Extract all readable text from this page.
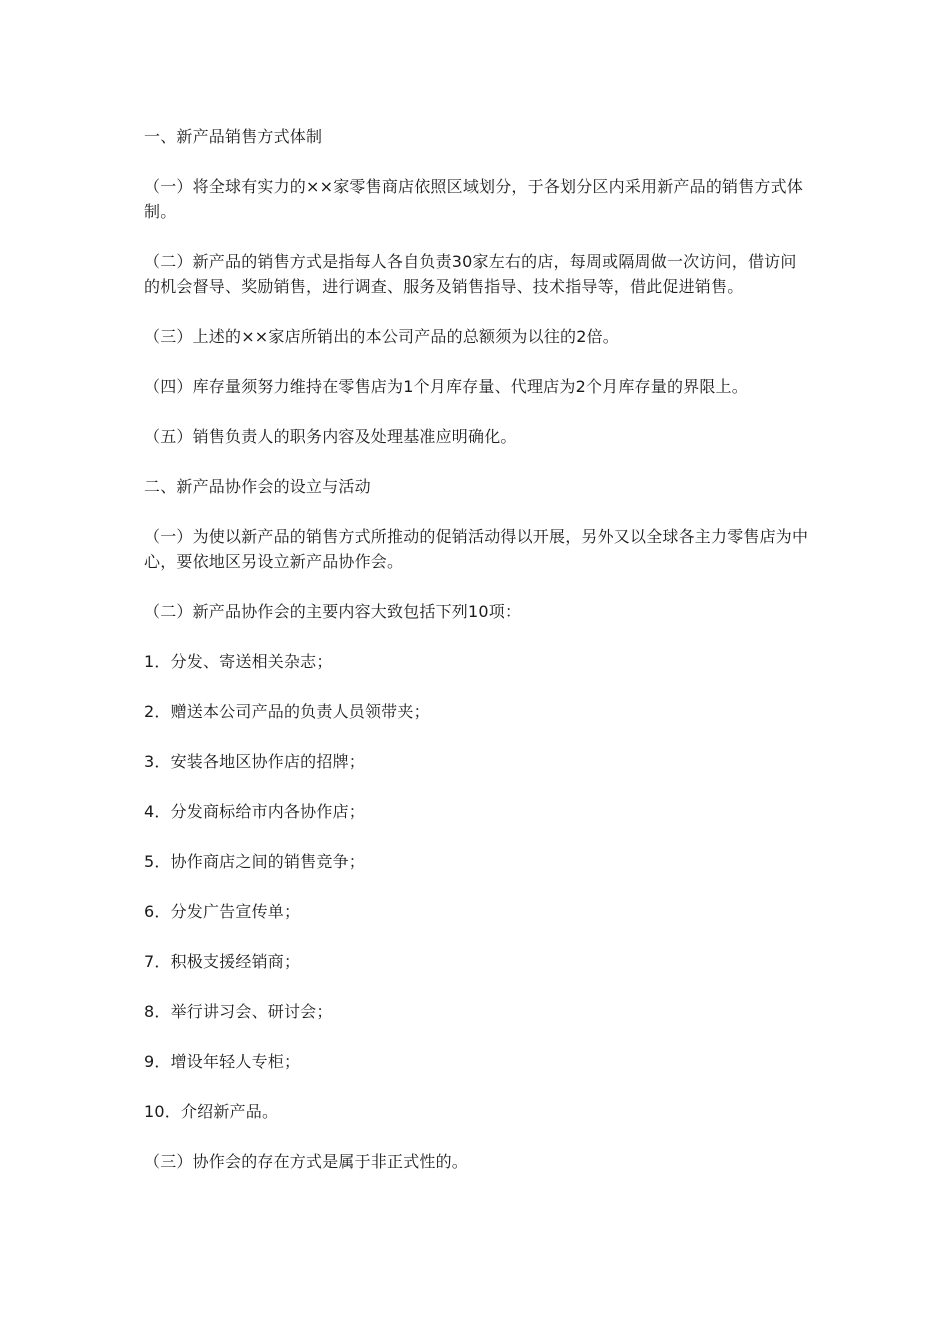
一、新产品销售方式体制

（一）将全球有实力的××家零售商店依照区域划分，于各划分区内采用新产品的销售方式体制。

（二）新产品的销售方式是指每人各自负责30家左右的店，每周或隔周做一次访问，借访问的机会督导、奖励销售，进行调查、服务及销售指导、技术指导等，借此促进销售。

（三）上述的××家店所销出的本公司产品的总额须为以往的2倍。

（四）库存量须努力维持在零售店为1个月库存量、代理店为2个月库存量的界限上。

（五）销售负责人的职务内容及处理基准应明确化。

二、新产品协作会的设立与活动

（一）为使以新产品的销售方式所推动的促销活动得以开展，另外又以全球各主力零售店为中心，要依地区另设立新产品协作会。

（二）新产品协作会的主要内容大致包括下列10项：

1．分发、寄送相关杂志；

2．赠送本公司产品的负责人员领带夹；

3．安装各地区协作店的招牌；

4．分发商标给市内各协作店；

5．协作商店之间的销售竞争；

6．分发广告宣传单；

7．积极支援经销商；

8．举行讲习会、研讨会；

9．增设年轻人专柜；

10．介绍新产品。

（三）协作会的存在方式是属于非正式性的。
